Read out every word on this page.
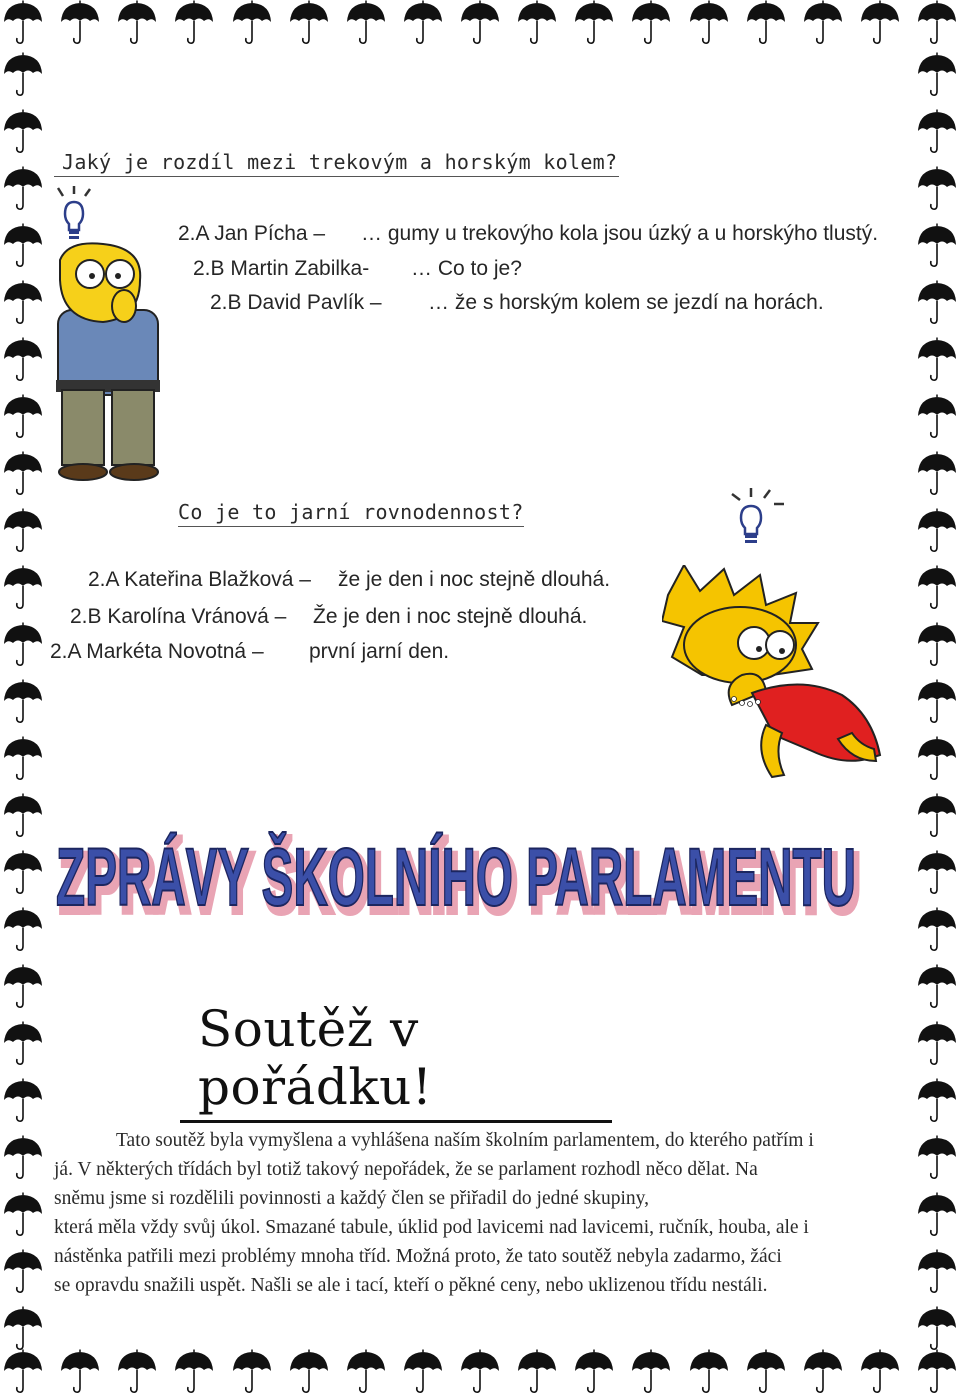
Jaký je rozdíl mezi trekovým a horským kolem?
2.A Jan Pícha – … gumy u trekovýho kola jsou úzký a u horskýho tlustý.
2.B Martin Zabilka- … Co to je?
2.B David Pavlík – … že s horským kolem se jezdí na horách.
Co je to jarní rovnodennost?
2.A Kateřina Blažková – že je den i noc stejně dlouhá.
2.B Karolína Vránová – Že je den i noc stejně dlouhá.
2.A Markéta Novotná – první jarní den.
ZPRÁVY ŠKOLNÍHO PARLAMENTU
ZPRÁVY ŠKOLNÍHO PARLAMENTU
Soutěž v pořádku!

Tato soutěž byla vymyšlena a vyhlášena naším školním parlamentem, do kterého patřím i

já. V některých třídách byl totiž takový nepořádek, že se parlament rozhodl něco dělat. Na

sněmu jsme si rozdělili povinnosti a každý člen se přiřadil do jedné skupiny,

která měla vždy svůj úkol. Smazané tabule, úklid pod lavicemi nad lavicemi, ručník, houba, ale i

nástěnka patřili mezi problémy mnoha tříd. Možná proto, že tato soutěž nebyla zadarmo, žáci

se opravdu snažili uspět. Našli se ale i tací, kteří o pěkné ceny, nebo uklizenou třídu nestáli.
